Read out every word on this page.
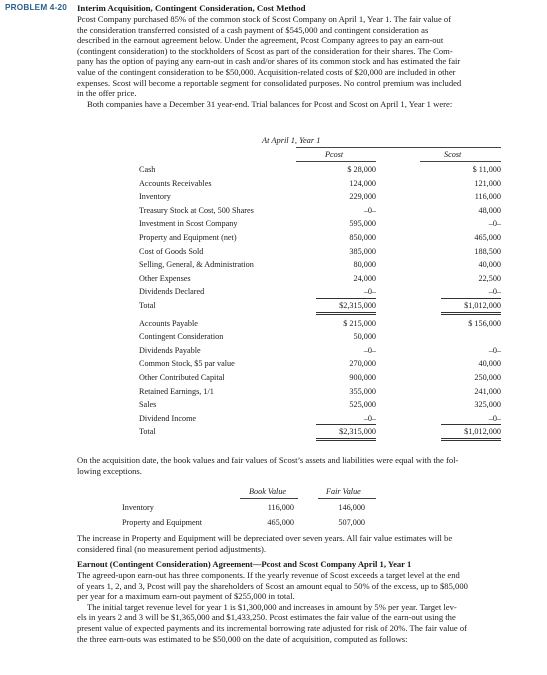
PROBLEM 4-20	Interim Acquisition, Contingent Consideration, Cost Method
Pcost Company purchased 85% of the common stock of Scost Company on April 1, Year 1. The fair value of
the consideration transferred consisted of a cash payment of $545,000 and contingent consideration as
described in the earnout agreement below. Under the agreement, Pcost Company agrees to pay an earn-out
(contingent consideration) to the stockholders of Scost as part of the consideration for their shares. The Com-
pany has the option of paying any earn-out in cash and/or shares of its common stock and has estimated the fair
value of the contingent consideration to be $50,000. Acquisition-related costs of $20,000 are included in other
expenses. Scost will become a reportable segment for consolidated purposes. No control premium was included
in the offer price.
Both companies have a December 31 year-end. Trial balances for Pcost and Scost on April 1, Year 1 were:
At April 1, Year 1
Pcost	Scost
Cash	$ 28,000	$ 11,000
Accounts Receivables	124,000	121,000
Inventory	229,000	116,000
Treasury Stock at Cost, 500 Shares	–0–	48,000
Investment in Scost Company	595,000	–0–
Property and Equipment (net)	850,000	465,000
Cost of Goods Sold	385,000	188,500
Selling, General, & Administration	80,000	40,000
Other Expenses	24,000	22,500
Dividends Declared	–0–	–0–
Total	$2,315,000	$1,012,000
Accounts Payable	$ 215,000	$ 156,000
Contingent Consideration	50,000
Dividends Payable	–0–	–0–
Common Stock, $5 par value	270,000	40,000
Other Contributed Capital	900,000	250,000
Retained Earnings, 1/1	355,000	241,000
Sales	525,000	325,000
Dividend Income	–0–	–0–
Total	$2,315,000	$1,012,000
On the acquisition date, the book values and fair values of Scost’s assets and liabilities were equal with the fol-
lowing exceptions.
Book Value	Fair Value
Inventory	116,000	146,000
Property and Equipment	465,000	507,000
The increase in Property and Equipment will be depreciated over seven years. All fair value estimates will be
considered final (no measurement period adjustments).
Earnout (Contingent Consideration) Agreement—Pcost and Scost Company April 1, Year 1
The agreed-upon earn-out has three components. If the yearly revenue of Scost exceeds a target level at the end
of years 1, 2, and 3, Pcost will pay the shareholders of Scost an amount equal to 50% of the excess, up to $85,000
per year for a maximum earn-out payment of $255,000 in total.
The initial target revenue level for year 1 is $1,300,000 and increases in amount by 5% per year. Target lev-
els in years 2 and 3 will be $1,365,000 and $1,433,250. Pcost estimates the fair value of the earn-out using the
present value of expected payments and its incremental borrowing rate adjusted for risk of 20%. The fair value of
the three earn-outs was estimated to be $50,000 on the date of acquisition, computed as follows:
